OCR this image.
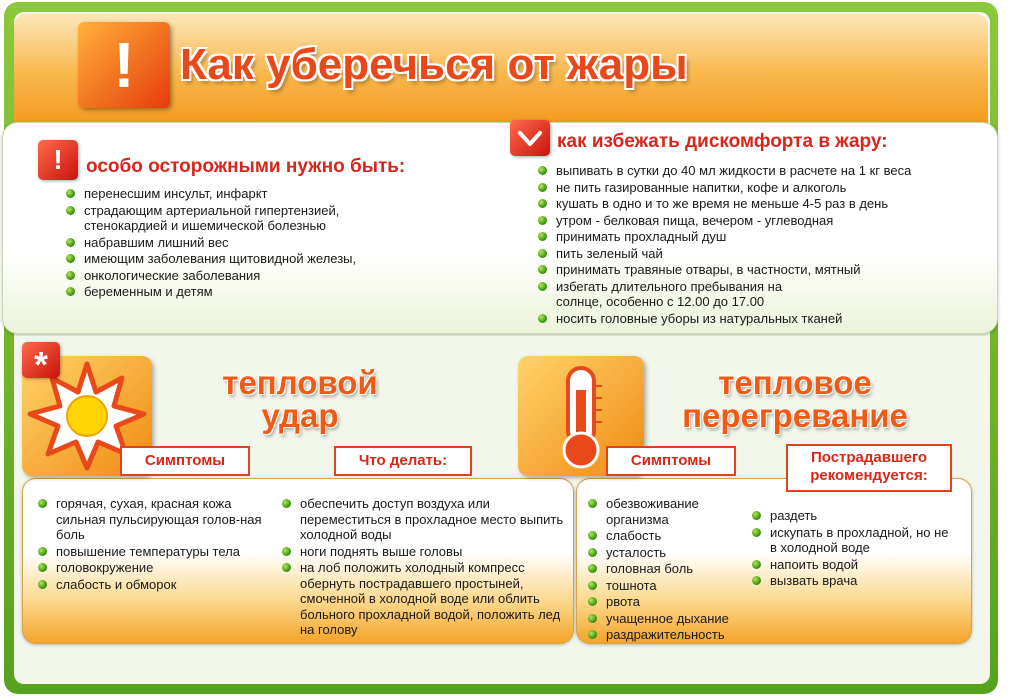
!	Как уберечься от жары
!	особо осторожными нужно быть:
перенесшим инсульт, инфаркт
страдающим артериальной гипертензией, стенокардией и ишемической болезнью
набравшим лишний вес
имеющим заболевания щитовидной железы,
онкологические заболевания
беременным и детям
как избежать дискомфорта в жару:
выпивать в сутки до 40 мл жидкости в расчете на 1 кг веса
не пить газированные напитки, кофе и алкоголь
кушать в одно и то же время не меньше 4-5 раз в день
утром - белковая пища, вечером - углеводная
принимать прохладный душ
пить зеленый чай
принимать травяные отвары, в частности, мятный
избегать длительного пребывания на солнце, особенно с 12.00 до 17.00
носить головные уборы из натуральных тканей
*	тепловой
удар
Симптомы	Что делать:
горячая, сухая, красная кожа сильная пульсирующая голов-ная боль
повышение температуры тела
головокружение
слабость и обморок
обеспечить доступ воздуха или переместиться в прохладное место выпить холодной воды
ноги поднять выше головы
на лоб положить холодный компресс обернуть пострадавшего простыней, смоченной в холодной воде или облить больного прохладной водой, положить лед на голову
тепловое
перегревание
Симптомы	Пострадавшего рекомендуется:
обезвоживание организма
слабость
усталость
головная боль
тошнота
рвота
учащенное дыхание
раздражительность
раздеть
искупать в прохладной, но не в холодной воде
напоить водой
вызвать врача
